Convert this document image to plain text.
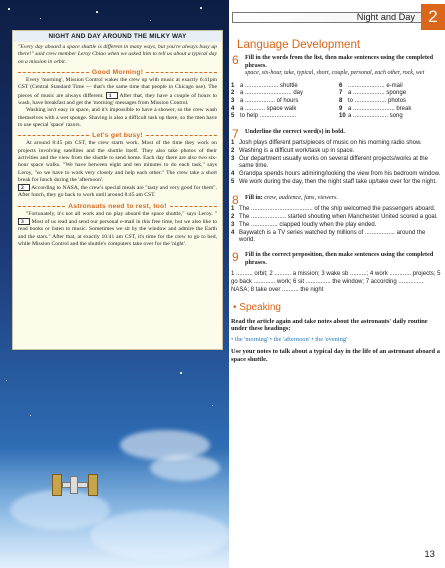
NIGHT AND DAY AROUND THE MILKY WAY

"Every day aboard a space shuttle is different in many ways, but you're always busy up there!" said crew member Leroy Chiao when we asked him to tell us about a typical day on a mission in orbit.

Good Morning!

Every 'morning', Mission Control wakes the crew up with music at exactly 6:41pm CST (Central Standard Time — that's the same time that people in Chicago use). The pieces of music are always different. 1 After that, they have a couple of hours to wash, have breakfast and get the 'morning' messages from Mission Control.

Washing isn't easy in space, and it's impossible to have a shower, so the crew wash themselves with a wet sponge. Shaving is also a difficult task up there, so the men have to use special 'space' razors.

Let's get busy!

At around 8:45 pm CST, the crew starts work. Most of the time they work on projects involving satellites and the shuttle itself. They also take photos of their activities and the view from the shuttle to send home. Each day there are also two six-hour space walks. "We have between eight and ten minutes to do each task," says Leroy, "so we have to work very closely and help each other." The crew take a short break for lunch during the 'afternoon'.

2 According to NASA, the crew's special meals are "tasty and very good for them". After lunch, they go back to work until around 8:45 am CST.

Astronauts need to rest, too!

"Fortunately, it's not all work and no play aboard the space shuttle," says Leroy. " 3 Most of us read and send our personal e-mail in this free time, but we also like to read books or listen to music. Sometimes we sit by the window and admire the Earth and the stars." After that, at exactly 10:41 am CST, it's time for the crew to go to bed, while Mission Control and the shuttle's computers take over for the 'night'.

Night and Day 2
Language Development
6 Fill in the words from the list, then make sentences using the completed phrases.
space, six-hour, take, typical, short, couple, personal, each other, rock, wet
1 a .................... shuttle
2 a ............................ day
3 a .................. of hours
4 a ............ space walk
5 to help ......................
6 ...................... e-mail
7 a ................... sponge
8 to ................... photos
9 a ......................... break
10 a ..................... song
7 Underline the correct word(s) in bold.
1 Josh plays different parts/pieces of music on his morning radio show.
2 Washing is a difficult work/task up in space.
3 Our department usually works on several different projects/works at the same time.
4 Grandpa spends hours admiring/looking the view from his bedroom window.
5 We work during the day, then the night staff take up/take over for the night.
8 Fill in: crew, audience, fans, viewers.
1 The ..................................... of the ship welcomed the passengers aboard.
2 The ..................... started shouting when Manchester United scored a goal.
3 The ................ clapped loudly when the play ended.
4 Baywatch is a TV series watched by millions of .................. around the world.
9 Fill in the correct preposition, then make sentences using the completed phrases.
1 .......... orbit; 2 .......... a mission; 3 wake sb ..........; 4 work ............. projects; 5 go back ............. work; 6 sit ............... the window; 7 according ............... NASA; 8 take over .......... the night
• Speaking
Read the article again and take notes about the astronauts' daily routine under these headings:
• the 'morning' • the 'afternoon' • the 'evening'
Use your notes to talk about a typical day in the life of an astronaut aboard a space shuttle.
13
